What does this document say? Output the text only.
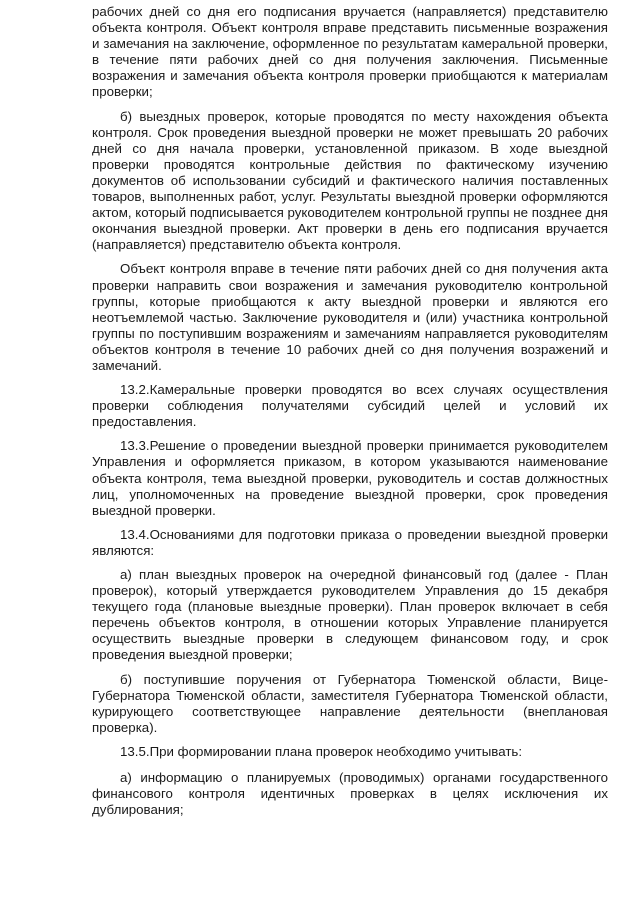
рабочих дней со дня его подписания вручается (направляется) представителю объекта контроля. Объект контроля вправе представить письменные возражения и замечания на заключение, оформленное по результатам камеральной проверки, в течение пяти рабочих дней со дня получения заключения. Письменные возражения и замечания объекта контроля проверки приобщаются к материалам проверки;

б) выездных проверок, которые проводятся по месту нахождения объекта контроля. Срок проведения выездной проверки не может превышать 20 рабочих дней со дня начала проверки, установленной приказом. В ходе выездной проверки проводятся контрольные действия по фактическому изучению документов об использовании субсидий и фактического наличия поставленных товаров, выполненных работ, услуг. Результаты выездной проверки оформляются актом, который подписывается руководителем контрольной группы не позднее дня окончания выездной проверки. Акт проверки в день его подписания вручается (направляется) представителю объекта контроля.

Объект контроля вправе в течение пяти рабочих дней со дня получения акта проверки направить свои возражения и замечания руководителю контрольной группы, которые приобщаются к акту выездной проверки и являются его неотъемлемой частью. Заключение руководителя и (или) участника контрольной группы по поступившим возражениям и замечаниям направляется руководителям объектов контроля в течение 10 рабочих дней со дня получения возражений и замечаний.

13.2.Камеральные проверки проводятся во всех случаях осуществления проверки соблюдения получателями субсидий целей и условий их предоставления.

13.3.Решение о проведении выездной проверки принимается руководителем Управления и оформляется приказом, в котором указываются наименование объекта контроля, тема выездной проверки, руководитель и состав должностных лиц, уполномоченных на проведение выездной проверки, срок проведения выездной проверки.

13.4.Основаниями для подготовки приказа о проведении выездной проверки являются:

а) план выездных проверок на очередной финансовый год (далее - План проверок), который утверждается руководителем Управления до 15 декабря текущего года (плановые выездные проверки). План проверок включает в себя перечень объектов контроля, в отношении которых Управление планируется осуществить выездные проверки в следующем финансовом году, и срок проведения выездной проверки;

б) поступившие поручения от Губернатора Тюменской области, Вице-Губернатора Тюменской области, заместителя Губернатора Тюменской области, курирующего соответствующее направление деятельности (внеплановая проверка).

13.5.При формировании плана проверок необходимо учитывать:

а) информацию о планируемых (проводимых) органами государственного финансового контроля идентичных проверках в целях исключения их дублирования;
